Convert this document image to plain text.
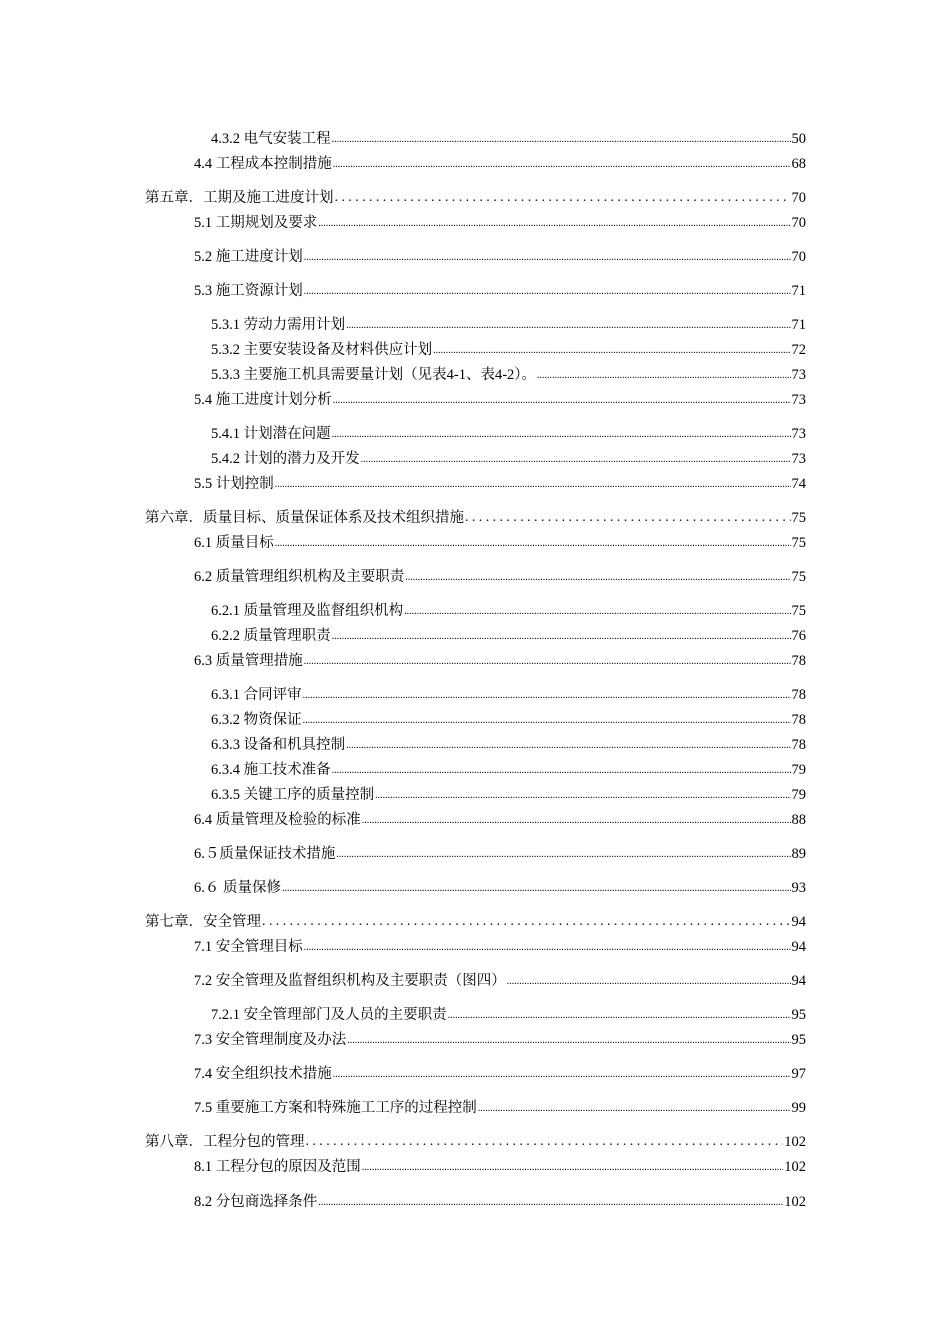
4.3.2 电气安装工程 .....	50
4.4 工程成本控制措施 .....	68
第五章．工期及施工进度计划 .....	70
5.1 工期规划及要求 .....	70
5.2 施工进度计划 .....	70
5.3 施工资源计划 .....	71
5.3.1 劳动力需用计划 .....	71
5.3.2 主要安装设备及材料供应计划 .....	72
5.3.3 主要施工机具需要量计划（见表4-1、表4-2）。 .....	73
5.4 施工进度计划分析 .....	73
5.4.1 计划潜在问题 .....	73
5.4.2 计划的潜力及开发 .....	73
5.5 计划控制 .....	74
第六章．质量目标、质量保证体系及技术组织措施 .....	75
6.1 质量目标 .....	75
6.2 质量管理组织机构及主要职责 .....	75
6.2.1 质量管理及监督组织机构 .....	75
6.2.2 质量管理职责 .....	76
6.3 质量管理措施 .....	78
6.3.1 合同评审 .....	78
6.3.2 物资保证 .....	78
6.3.3 设备和机具控制 .....	78
6.3.4 施工技术准备 .....	79
6.3.5 关键工序的质量控制 .....	79
6.4 质量管理及检验的标准 .....	88
6.５质量保证技术措施 .....	89
6.６ 质量保修 .....	93
第七章．安全管理 .....	94
7.1 安全管理目标 .....	94
7.2 安全管理及监督组织机构及主要职责（图四） .....	94
7.2.1 安全管理部门及人员的主要职责 .....	95
7.3 安全管理制度及办法 .....	95
7.4 安全组织技术措施 .....	97
7.5 重要施工方案和特殊施工工序的过程控制 .....	99
第八章．工程分包的管理 .....	102
8.1 工程分包的原因及范围 .....	102
8.2 分包商选择条件 .....	102
